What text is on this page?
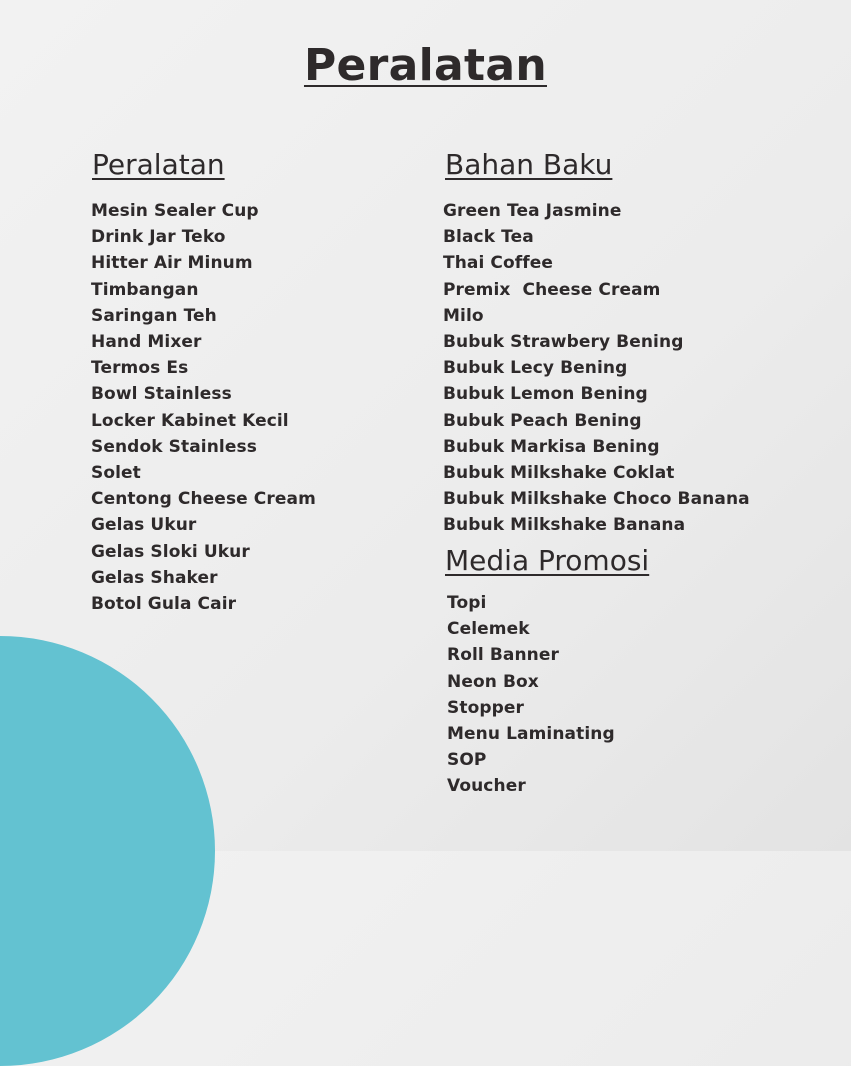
Peralatan
Peralatan
Mesin Sealer Cup
Drink Jar Teko
Hitter Air Minum
Timbangan
Saringan Teh
Hand Mixer
Termos Es
Bowl Stainless
Locker Kabinet Kecil
Sendok Stainless
Solet
Centong Cheese Cream
Gelas Ukur
Gelas Sloki Ukur
Gelas Shaker
Botol Gula Cair
Bahan Baku
Green Tea Jasmine
Black Tea
Thai Coffee
Premix  Cheese Cream
Milo
Bubuk Strawbery Bening
Bubuk Lecy Bening
Bubuk Lemon Bening
Bubuk Peach Bening
Bubuk Markisa Bening
Bubuk Milkshake Coklat
Bubuk Milkshake Choco Banana
Bubuk Milkshake Banana
Media Promosi
Topi
Celemek
Roll Banner
Neon Box
Stopper
Menu Laminating
SOP
Voucher
